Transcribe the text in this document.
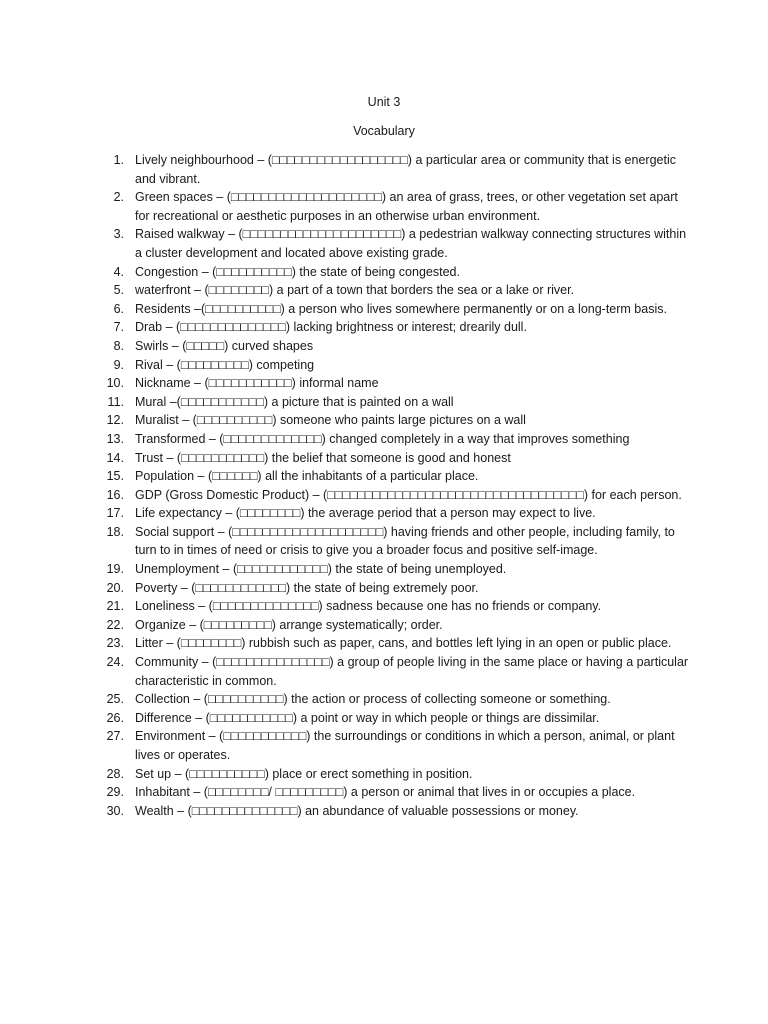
Unit 3
Vocabulary
1. Lively neighbourhood – (□□□□□□□□□□□□□□□□□□) a particular area or community that is energetic and vibrant.
2. Green spaces – (□□□□□□□□□□□□□□□□□□□□) an area of grass, trees, or other vegetation set apart for recreational or aesthetic purposes in an otherwise urban environment.
3. Raised walkway – (□□□□□□□□□□□□□□□□□□□□□) a pedestrian walkway connecting structures within a cluster development and located above existing grade.
4. Congestion – (□□□□□□□□□□) the state of being congested.
5. waterfront – (□□□□□□□□) a part of a town that borders the sea or a lake or river.
6. Residents –(□□□□□□□□□□) a person who lives somewhere permanently or on a long-term basis.
7. Drab – (□□□□□□□□□□□□□□) lacking brightness or interest; drearily dull.
8. Swirls – (□□□□□) curved shapes
9. Rival – (□□□□□□□□□) competing
10. Nickname – (□□□□□□□□□□□) informal name
11. Mural –(□□□□□□□□□□□) a picture that is painted on a wall
12. Muralist – (□□□□□□□□□□) someone who paints large pictures on a wall
13. Transformed – (□□□□□□□□□□□□□) changed completely in a way that improves something
14. Trust – (□□□□□□□□□□□) the belief that someone is good and honest
15. Population – (□□□□□□) all the inhabitants of a particular place.
16. GDP (Gross Domestic Product) – (□□□□□□□□□□□□□□□□□□□□□□□□□□□□□□□□□□) for each person.
17. Life expectancy – (□□□□□□□□) the average period that a person may expect to live.
18. Social support – (□□□□□□□□□□□□□□□□□□□□) having friends and other people, including family, to turn to in times of need or crisis to give you a broader focus and positive self-image.
19. Unemployment – (□□□□□□□□□□□□) the state of being unemployed.
20. Poverty – (□□□□□□□□□□□□) the state of being extremely poor.
21. Loneliness – (□□□□□□□□□□□□□□) sadness because one has no friends or company.
22. Organize – (□□□□□□□□□) arrange systematically; order.
23. Litter – (□□□□□□□□) rubbish such as paper, cans, and bottles left lying in an open or public place.
24. Community – (□□□□□□□□□□□□□□□) a group of people living in the same place or having a particular characteristic in common.
25. Collection – (□□□□□□□□□□) the action or process of collecting someone or something.
26. Difference – (□□□□□□□□□□□) a point or way in which people or things are dissimilar.
27. Environment – (□□□□□□□□□□□) the surroundings or conditions in which a person, animal, or plant lives or operates.
28. Set up – (□□□□□□□□□□) place or erect something in position.
29. Inhabitant – (□□□□□□□□/ □□□□□□□□□) a person or animal that lives in or occupies a place.
30. Wealth – (□□□□□□□□□□□□□□) an abundance of valuable possessions or money.
